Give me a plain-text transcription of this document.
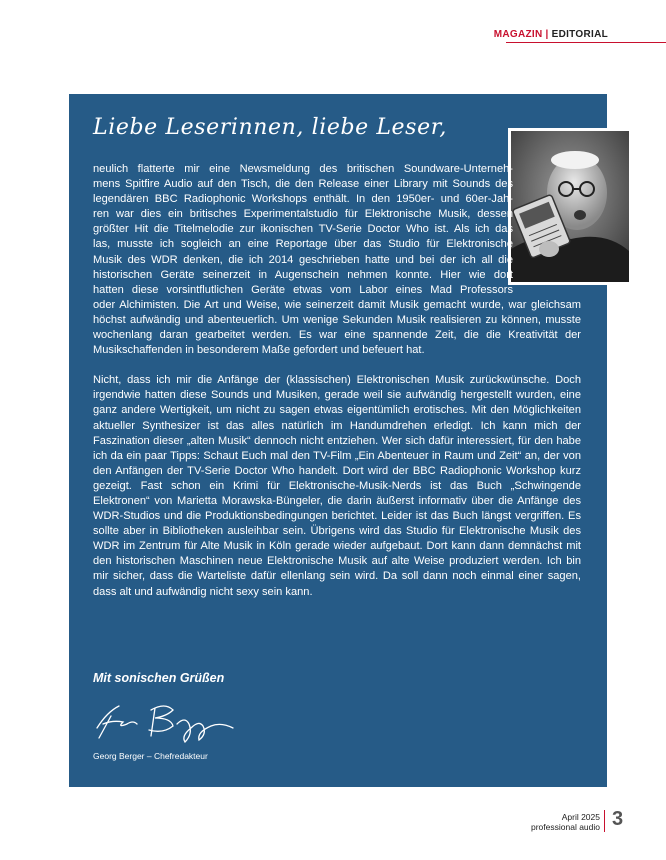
MAGAZIN | EDITORIAL
Liebe Leserinnen, liebe Leser,

neulich flatterte mir eine Newsmeldung des britischen Soundware-Unterneh-
mens Spitfire Audio auf den Tisch, die den Release einer Library mit Sounds des
legendären BBC Radiophonic Workshops enthält. In den 1950er- und 60er-Jah-
ren war dies ein britisches Experimentalstudio für Elektronische Musik, dessen
größter Hit die Titelmelodie zur ikonischen TV-Serie Doctor Who ist. Als ich das
las, musste ich sogleich an eine Reportage über das Studio für Elektronische
Musik des WDR denken, die ich 2014 geschrieben hatte und bei der ich all die
historischen Geräte seinerzeit in Augenschein nehmen konnte. Hier wie dort
hatten diese vorsintflutlichen Geräte etwas vom Labor eines Mad Professors
oder Alchimisten. Die Art und Weise, wie seinerzeit damit Musik gemacht wurde, war gleichsam höchst aufwändig und abenteuerlich. Um wenige Sekunden Musik realisieren zu können, musste wochenlang daran gearbeitet werden. Es war eine spannende Zeit, die die Kreativität der Musikschaffenden in besonderem Maße gefordert und befeuert hat.

Nicht, dass ich mir die Anfänge der (klassischen) Elektronischen Musik zurückwünsche. Doch irgendwie hatten diese Sounds und Musiken, gerade weil sie aufwändig hergestellt wurden, eine ganz andere Wertigkeit, um nicht zu sagen etwas eigentümlich erotisches. Mit den Möglichkeiten aktueller Synthesizer ist das alles natürlich im Handumdrehen erledigt. Ich kann mich der Faszination dieser „alten Musik“ dennoch nicht entziehen. Wer sich dafür interessiert, für den habe ich da ein paar Tipps: Schaut Euch mal den TV-Film „Ein Abenteuer in Raum und Zeit“ an, der von den Anfängen der TV-Serie Doctor Who handelt. Dort wird der BBC Radiophonic Workshop kurz gezeigt. Fast schon ein Krimi für Elektronische-Musik-Nerds ist das Buch „Schwingende Elektronen“ von Marietta Morawska-Büngeler, die darin äußerst informativ über die Anfänge des WDR-Studios und die Produktionsbedingungen berichtet. Leider ist das Buch längst vergriffen. Es sollte aber in Bibliotheken ausleihbar sein. Übrigens wird das Studio für Elektronische Musik des WDR im Zentrum für Alte Musik in Köln gerade wieder aufgebaut. Dort kann dann demnächst mit den historischen Maschinen neue Elektronische Musik auf alte Weise produziert werden. Ich bin mir sicher, dass die Warteliste dafür ellenlang sein wird. Da soll dann noch einmal einer sagen, dass alt und aufwändig nicht sexy sein kann.

Mit sonischen Grüßen
Georg Berger – Chefredakteur
April 2025
professional audio 3
